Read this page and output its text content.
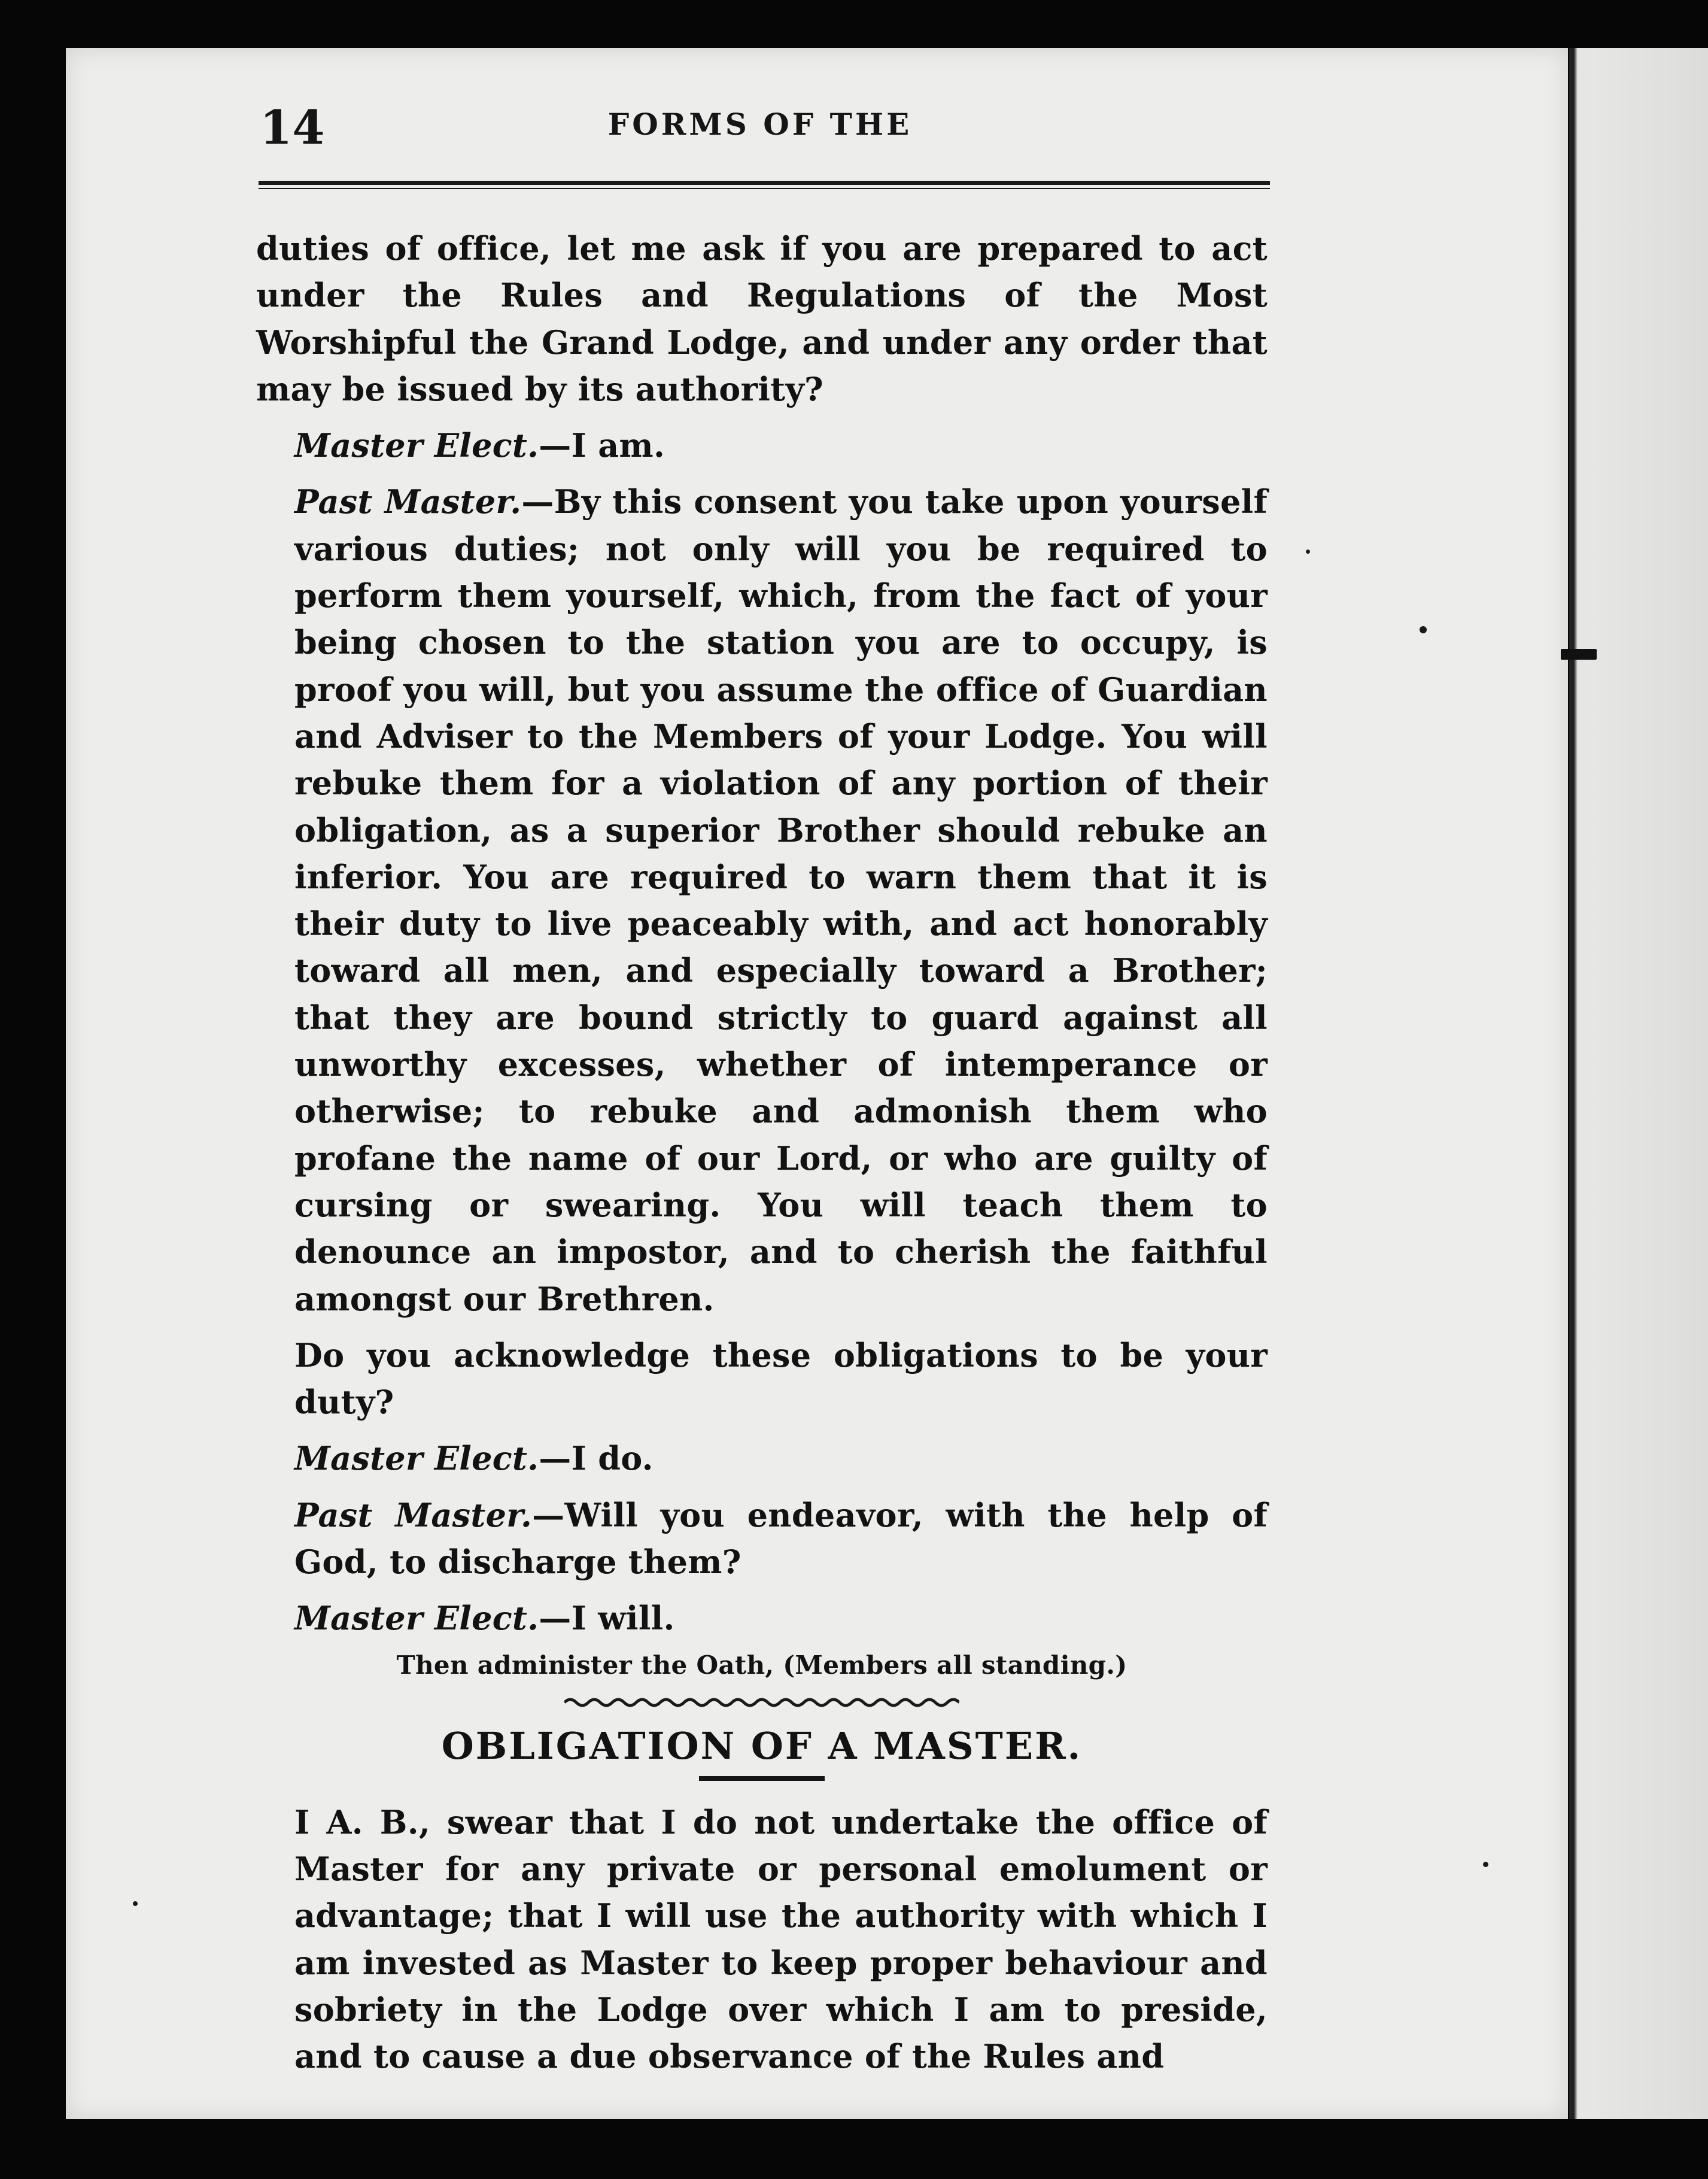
14	FORMS OF THE

duties of office, let me ask if you are prepared to act under the Rules and Regulations of the Most Worshipful the Grand Lodge, and under any order that may be issued by its authority?

Master Elect.—I am.

Past Master.—By this consent you take upon yourself various duties; not only will you be required to perform them yourself, which, from the fact of your being chosen to the station you are to occupy, is proof you will, but you assume the office of Guardian and Adviser to the Members of your Lodge. You will rebuke them for a violation of any portion of their obligation, as a superior Brother should rebuke an inferior. You are required to warn them that it is their duty to live peaceably with, and act honorably toward all men, and especially toward a Brother; that they are bound strictly to guard against all unworthy excesses, whether of intemperance or otherwise; to rebuke and admonish them who profane the name of our Lord, or who are guilty of cursing or swearing. You will teach them to denounce an impostor, and to cherish the faithful amongst our Brethren.

Do you acknowledge these obligations to be your duty?

Master Elect.—I do.

Past Master.—Will you endeavor, with the help of God, to discharge them?

Master Elect.—I will.

Then administer the Oath, (Members all standing.)

OBLIGATION OF A MASTER.

I A. B., swear that I do not undertake the office of Master for any private or personal emolument or advantage; that I will use the authority with which I am invested as Master to keep proper behaviour and sobriety in the Lodge over which I am to preside, and to cause a due observance of the Rules and
